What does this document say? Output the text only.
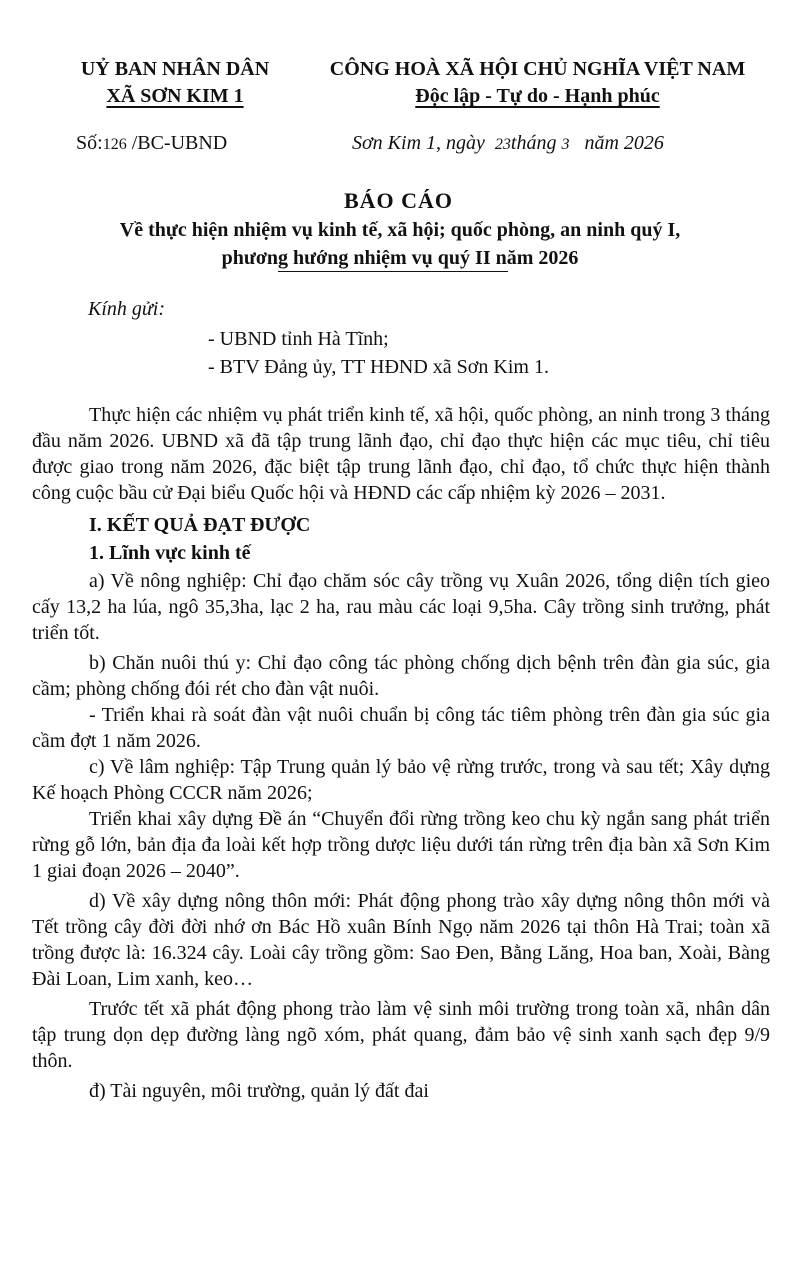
UỶ BAN NHÂN DÂN
XÃ SƠN KIM 1
CÔNG HOÀ XÃ HỘI CHỦ NGHĨA VIỆT NAM
Độc lập - Tự do - Hạnh phúc
Số:126 /BC-UBND	Sơn Kim 1, ngày  23tháng 3   năm 2026
BÁO CÁO
Về thực hiện nhiệm vụ kinh tế, xã hội; quốc phòng, an ninh quý I,
phương hướng nhiệm vụ quý II năm 2026
Kính gửi:
- UBND tỉnh Hà Tĩnh;
- BTV Đảng ủy, TT HĐND xã Sơn Kim 1.

Thực hiện các nhiệm vụ phát triển kinh tế, xã hội, quốc phòng, an ninh trong 3 tháng đầu năm 2026. UBND xã đã tập trung lãnh đạo, chỉ đạo thực hiện các mục tiêu, chỉ tiêu được giao trong năm 2026, đặc biệt tập trung lãnh đạo, chỉ đạo, tổ chức thực hiện thành công cuộc bầu cử Đại biểu Quốc hội và HĐND các cấp nhiệm kỳ 2026 – 2031.

I. KẾT QUẢ ĐẠT ĐƯỢC
1. Lĩnh vực kinh tế

a) Về nông nghiệp: Chỉ đạo chăm sóc cây trồng vụ Xuân 2026, tổng diện tích gieo cấy 13,2 ha lúa, ngô 35,3ha, lạc 2 ha, rau màu các loại 9,5ha. Cây trồng sinh trưởng, phát triển tốt.

b) Chăn nuôi thú y: Chỉ đạo công tác phòng chống dịch bệnh trên đàn gia súc, gia cầm; phòng chống đói rét cho đàn vật nuôi.

- Triển khai rà soát đàn vật nuôi chuẩn bị công tác tiêm phòng trên đàn gia súc gia cầm đợt 1 năm 2026.

c) Về lâm nghiệp: Tập Trung quản lý bảo vệ rừng trước, trong và sau tết; Xây dựng Kế hoạch Phòng CCCR năm 2026;

Triển khai xây dựng Đề án “Chuyển đổi rừng trồng keo chu kỳ ngắn sang phát triển rừng gỗ lớn, bản địa đa loài kết hợp trồng dược liệu dưới tán rừng trên địa bàn xã Sơn Kim 1 giai đoạn 2026 – 2040”.

d) Về xây dựng nông thôn mới: Phát động phong trào xây dựng nông thôn mới và Tết trồng cây đời đời nhớ ơn Bác Hồ xuân Bính Ngọ năm 2026 tại thôn Hà Trai; toàn xã trồng được là: 16.324 cây. Loài cây trồng gồm: Sao Đen, Bằng Lăng, Hoa ban, Xoài, Bàng Đài Loan, Lim xanh, keo…

Trước tết xã phát động phong trào làm vệ sinh môi trường trong toàn xã, nhân dân tập trung dọn dẹp đường làng ngõ xóm, phát quang, đảm bảo vệ sinh xanh sạch đẹp 9/9 thôn.

đ) Tài nguyên, môi trường, quản lý đất đai
